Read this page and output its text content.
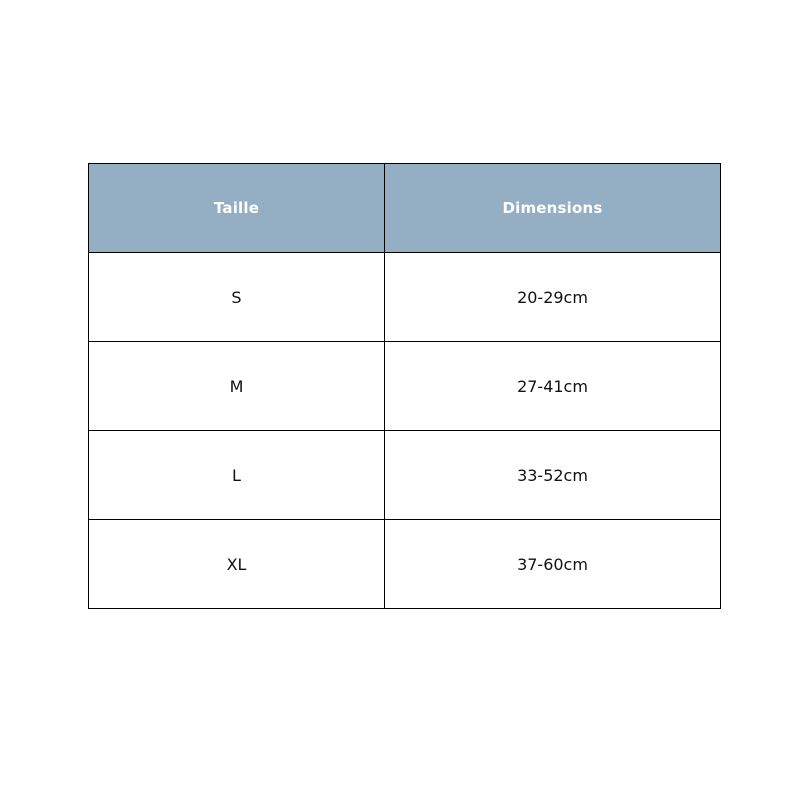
Taille	Dimensions
S	20-29cm
M	27-41cm
L	33-52cm
XL	37-60cm
